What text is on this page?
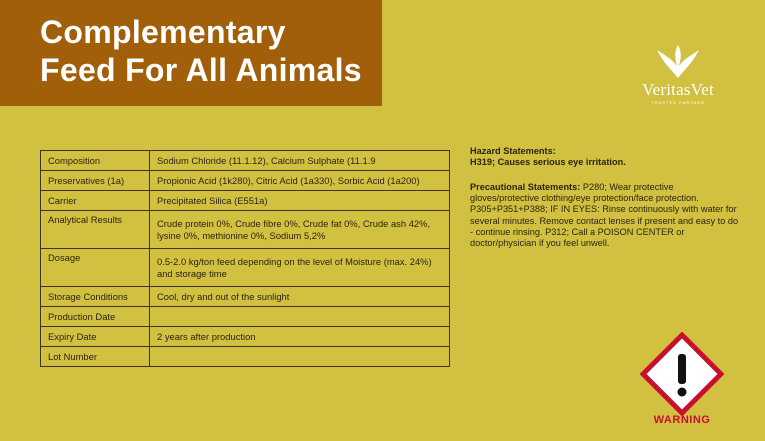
Complementary
Feed For All Animals
VeritasVet
TRUSTED PARTNER
Composition	Sodium Chloride (11.1.12), Calcium Sulphate (11.1.9
Preservatives (1a)	Propionic Acid (1k280), Citric Acid (1a330), Sorbic Acid (1a200)
Carrier	Precipitated Silica (E551a)
Analytical Results	Crude protein 0%, Crude fibre 0%, Crude fat 0%, Crude ash 42%, lysine 0%, methionine 0%, Sodium 5,2%
Dosage	0.5-2.0 kg/ton feed depending on the level of Moisture (max. 24%) and storage time
Storage Conditions	Cool, dry and out of the sunlight
Production Date	
Expiry Date	2 years after production
Lot Number	
Hazard Statements:
H319; Causes serious eye irritation.
Precautional Statements: P280; Wear protective gloves/protective clothing/eye protection/face protection. P305+P351+P388; IF IN EYES: Rinse continuously with water for several minutes. Remove contact lenses if present and easy to do - continue rinsing. P312; Call a POISON CENTER or doctor/physician if you feel unwell.
WARNING
